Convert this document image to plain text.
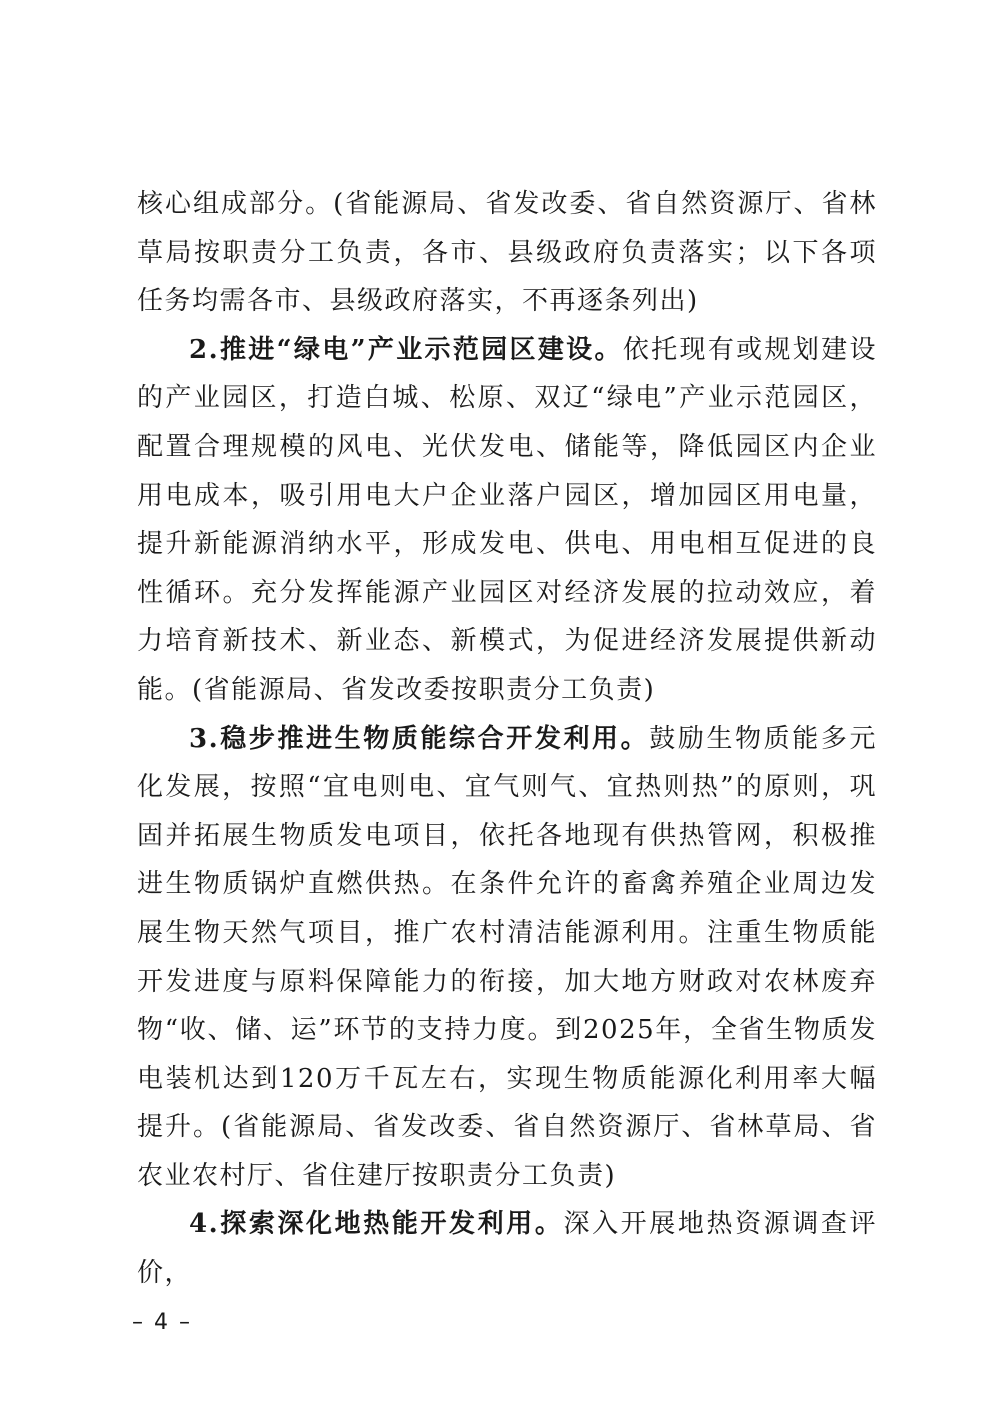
核心组成部分。(省能源局、省发改委、省自然资源厅、省林草局按职责分工负责，各市、县级政府负责落实；以下各项任务均需各市、县级政府落实，不再逐条列出)

2.推进“绿电”产业示范园区建设。依托现有或规划建设的产业园区，打造白城、松原、双辽“绿电”产业示范园区，配置合理规模的风电、光伏发电、储能等，降低园区内企业用电成本，吸引用电大户企业落户园区，增加园区用电量，提升新能源消纳水平，形成发电、供电、用电相互促进的良性循环。充分发挥能源产业园区对经济发展的拉动效应，着力培育新技术、新业态、新模式，为促进经济发展提供新动能。(省能源局、省发改委按职责分工负责)

3.稳步推进生物质能综合开发利用。鼓励生物质能多元化发展，按照“宜电则电、宜气则气、宜热则热”的原则，巩固并拓展生物质发电项目，依托各地现有供热管网，积极推进生物质锅炉直燃供热。在条件允许的畜禽养殖企业周边发展生物天然气项目，推广农村清洁能源利用。注重生物质能开发进度与原料保障能力的衔接，加大地方财政对农林废弃物“收、储、运”环节的支持力度。到2025年，全省生物质发电装机达到120万千瓦左右，实现生物质能源化利用率大幅提升。(省能源局、省发改委、省自然资源厅、省林草局、省农业农村厅、省住建厅按职责分工负责)

4.探索深化地热能开发利用。深入开展地热资源调查评价，

– 4 –
